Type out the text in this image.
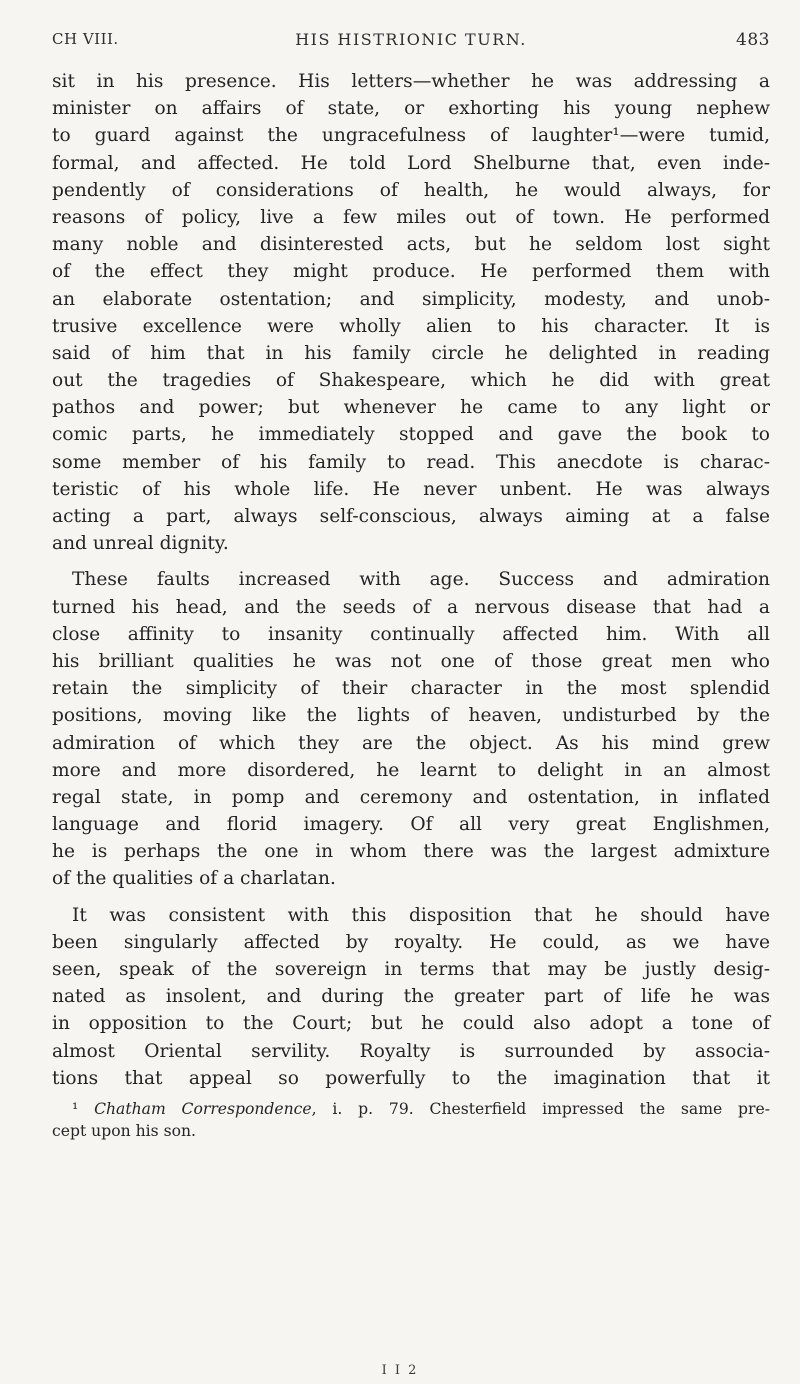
CH VIII.	HIS HISTRIONIC TURN.	483
sit in his presence. His letters—whether he was addressing a
minister on affairs of state, or exhorting his young nephew
to guard against the ungracefulness of laughter¹—were tumid,
formal, and affected. He told Lord Shelburne that, even inde-
pendently of considerations of health, he would always, for
reasons of policy, live a few miles out of town. He performed
many noble and disinterested acts, but he seldom lost sight
of the effect they might produce. He performed them with
an elaborate ostentation; and simplicity, modesty, and unob-
trusive excellence were wholly alien to his character. It is
said of him that in his family circle he delighted in reading
out the tragedies of Shakespeare, which he did with great
pathos and power; but whenever he came to any light or
comic parts, he immediately stopped and gave the book to
some member of his family to read. This anecdote is charac-
teristic of his whole life. He never unbent. He was always
acting a part, always self-conscious, always aiming at a false
and unreal dignity.
These faults increased with age. Success and admiration
turned his head, and the seeds of a nervous disease that had a
close affinity to insanity continually affected him. With all
his brilliant qualities he was not one of those great men who
retain the simplicity of their character in the most splendid
positions, moving like the lights of heaven, undisturbed by the
admiration of which they are the object. As his mind grew
more and more disordered, he learnt to delight in an almost
regal state, in pomp and ceremony and ostentation, in inflated
language and florid imagery. Of all very great Englishmen,
he is perhaps the one in whom there was the largest admixture
of the qualities of a charlatan.
It was consistent with this disposition that he should have
been singularly affected by royalty. He could, as we have
seen, speak of the sovereign in terms that may be justly desig-
nated as insolent, and during the greater part of life he was
in opposition to the Court; but he could also adopt a tone of
almost Oriental servility. Royalty is surrounded by associa-
tions that appeal so powerfully to the imagination that it
¹ Chatham Correspondence, i. p. 79. Chesterfield impressed the same pre-
cept upon his son.
I I 2
